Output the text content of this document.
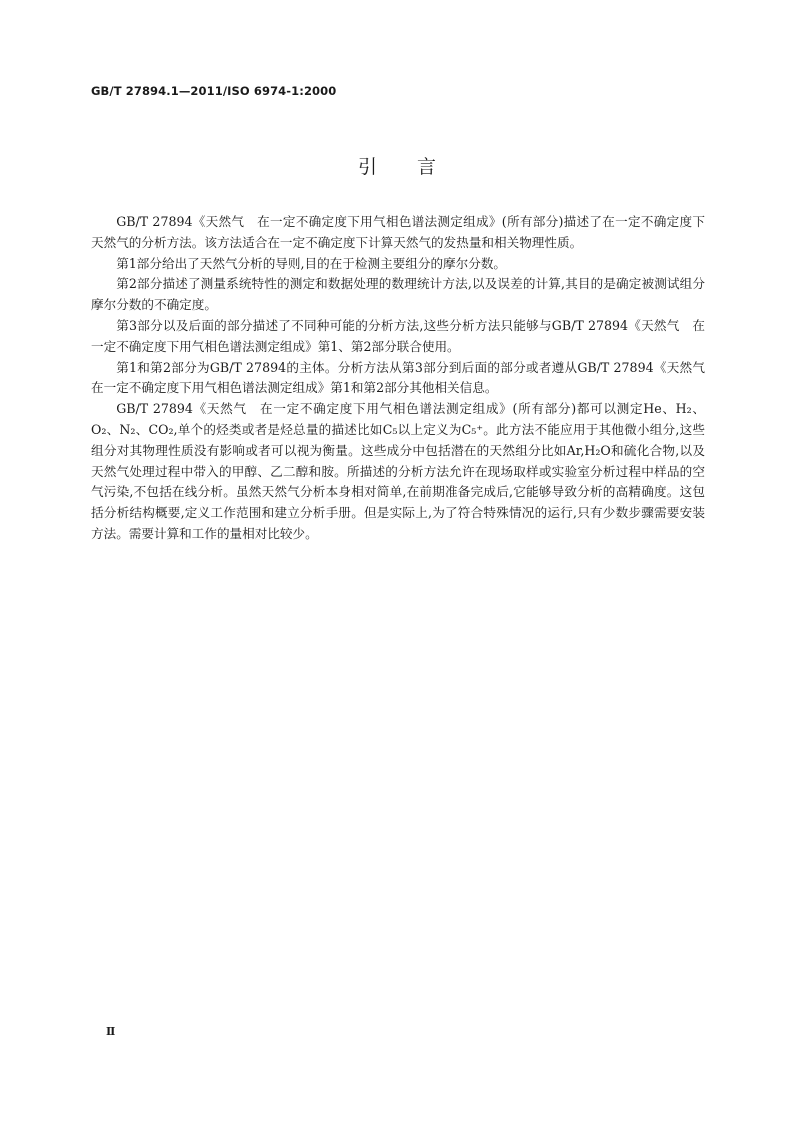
GB/T 27894.1—2011/ISO 6974-1:2000
引言

GB/T 27894《天然气　在一定不确定度下用气相色谱法测定组成》(所有部分)描述了在一定不确定度下天然气的分析方法。该方法适合在一定不确定度下计算天然气的发热量和相关物理性质。

第1部分给出了天然气分析的导则,目的在于检测主要组分的摩尔分数。

第2部分描述了测量系统特性的测定和数据处理的数理统计方法,以及误差的计算,其目的是确定被测试组分摩尔分数的不确定度。

第3部分以及后面的部分描述了不同种可能的分析方法,这些分析方法只能够与GB/T 27894《天然气　在一定不确定度下用气相色谱法测定组成》第1、第2部分联合使用。

第1和第2部分为GB/T 27894的主体。分析方法从第3部分到后面的部分或者遵从GB/T 27894《天然气　在一定不确定度下用气相色谱法测定组成》第1和第2部分其他相关信息。

GB/T 27894《天然气　在一定不确定度下用气相色谱法测定组成》(所有部分)都可以测定He、H₂、O₂、N₂、CO₂,单个的烃类或者是烃总量的描述比如C₅以上定义为C₅⁺。此方法不能应用于其他微小组分,这些组分对其物理性质没有影响或者可以视为衡量。这些成分中包括潜在的天然组分比如Ar,H₂O和硫化合物,以及天然气处理过程中带入的甲醇、乙二醇和胺。所描述的分析方法允许在现场取样或实验室分析过程中样品的空气污染,不包括在线分析。虽然天然气分析本身相对简单,在前期准备完成后,它能够导致分析的高精确度。这包括分析结构概要,定义工作范围和建立分析手册。但是实际上,为了符合特殊情况的运行,只有少数步骤需要安装方法。需要计算和工作的量相对比较少。

Ⅱ
